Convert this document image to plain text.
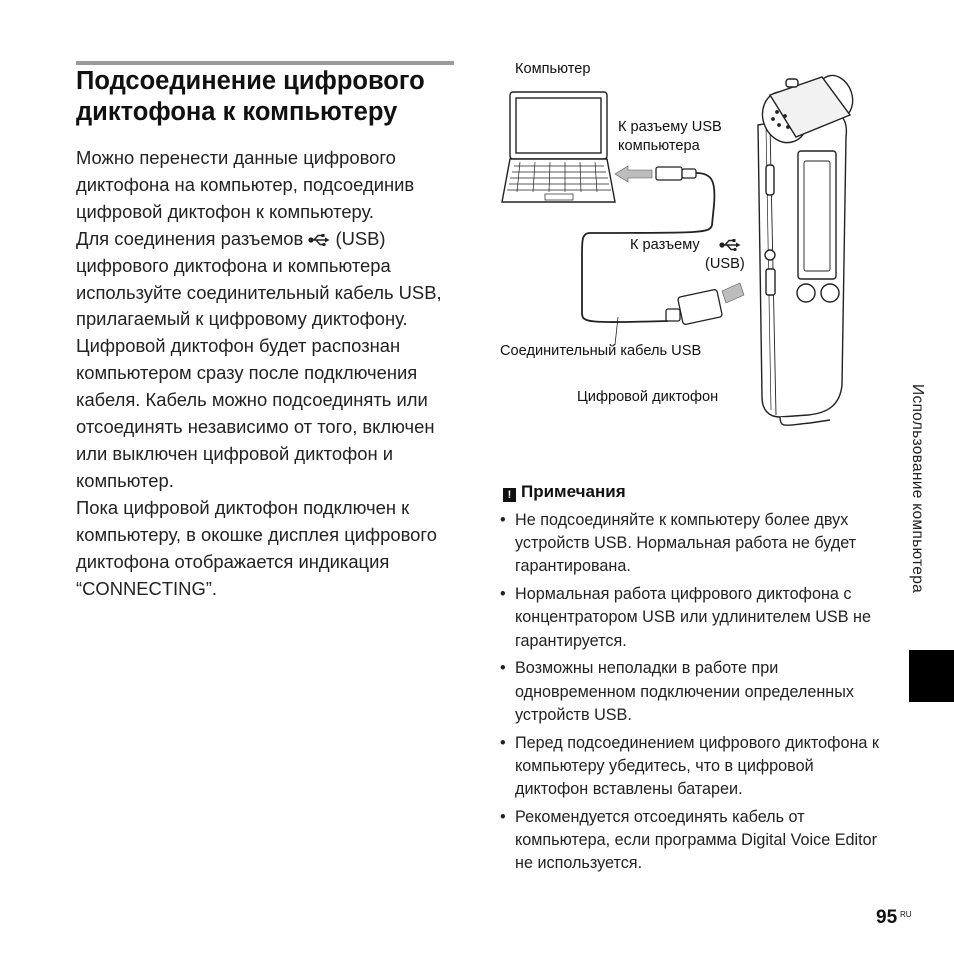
Подсоединение цифрового
диктофона к компьютеру

Можно перенести данные цифрового диктофона на компьютер, подсоединив цифровой диктофон к компьютеру.

Для соединения разъемов  (USB) цифрового диктофона и компьютера используйте соединительный кабель USB, прилагаемый к цифровому диктофону.

Цифровой диктофон будет распознан компьютером сразу после подключения кабеля. Кабель можно подсоединять или отсоединять независимо от того, включен или выключен цифровой диктофон и компьютер.

Пока цифровой диктофон подключен к компьютеру, в окошке дисплея цифрового диктофона отображается индикация “CONNECTING”.

Компьютер
К разъему USB
компьютера
К разъему
(USB)
Соединительный кабель USB
Цифровой диктофон
! Примечания
• Не подсоединяйте к компьютеру более двух устройств USB. Нормальная работа не будет гарантирована.
• Нормальная работа цифрового диктофона с концентратором USB или удлинителем USB не гарантируется.
• Возможны неполадки в работе при одновременном подключении определенных устройств USB.
• Перед подсоединением цифрового диктофона к компьютеру убедитесь, что в цифровой диктофон вставлены батареи.
• Рекомендуется отсоединять кабель от компьютера, если программа Digital Voice Editor не используется.
Использование компьютера
95 RU
